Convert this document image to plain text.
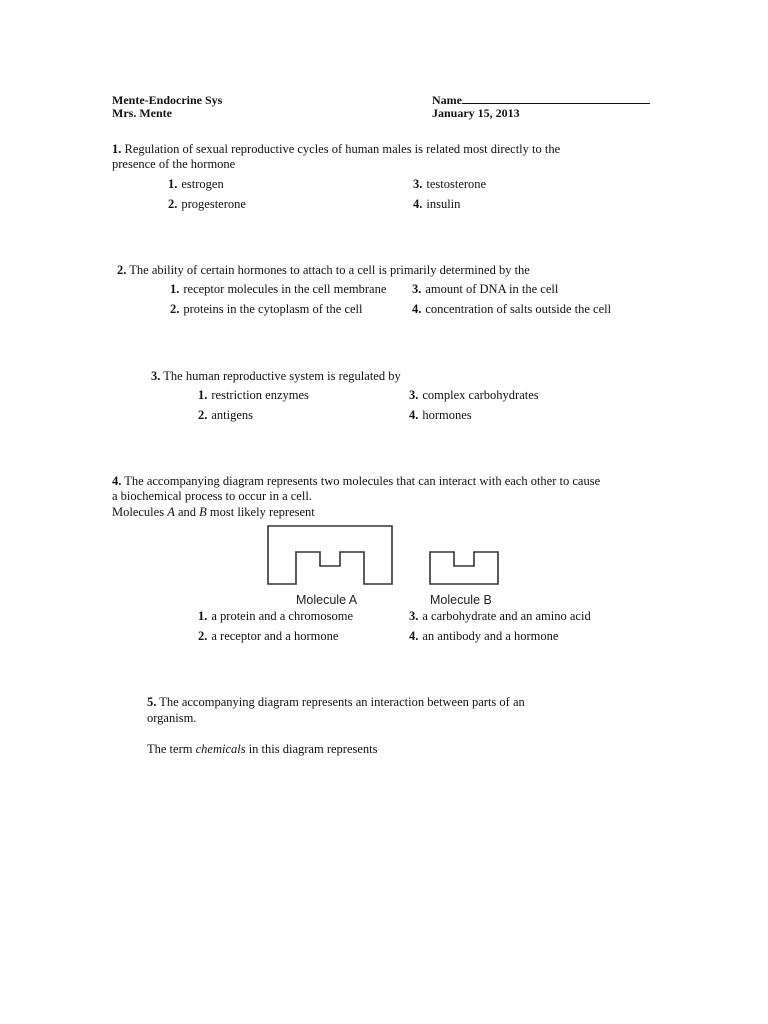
Mente-Endocrine Sys
Mrs. Mente
Name
January 15, 2013
1. Regulation of sexual reproductive cycles of human males is related most directly to the
presence of the hormone
1. estrogen
2. progesterone
3. testosterone
4. insulin
2. The ability of certain hormones to attach to a cell is primarily determined by the
1. receptor molecules in the cell membrane
2. proteins in the cytoplasm of the cell
3. amount of DNA in the cell
4. concentration of salts outside the cell
3. The human reproductive system is regulated by
1. restriction enzymes
2. antigens
3. complex carbohydrates
4. hormones
4. The accompanying diagram represents two molecules that can interact with each other to cause
a biochemical process to occur in a cell.
Molecules A and B most likely represent
Molecule A	Molecule B
1. a protein and a chromosome
2. a receptor and a hormone
3. a carbohydrate and an amino acid
4. an antibody and a hormone
5. The accompanying diagram represents an interaction between parts of an
organism.
The term chemicals in this diagram represents
